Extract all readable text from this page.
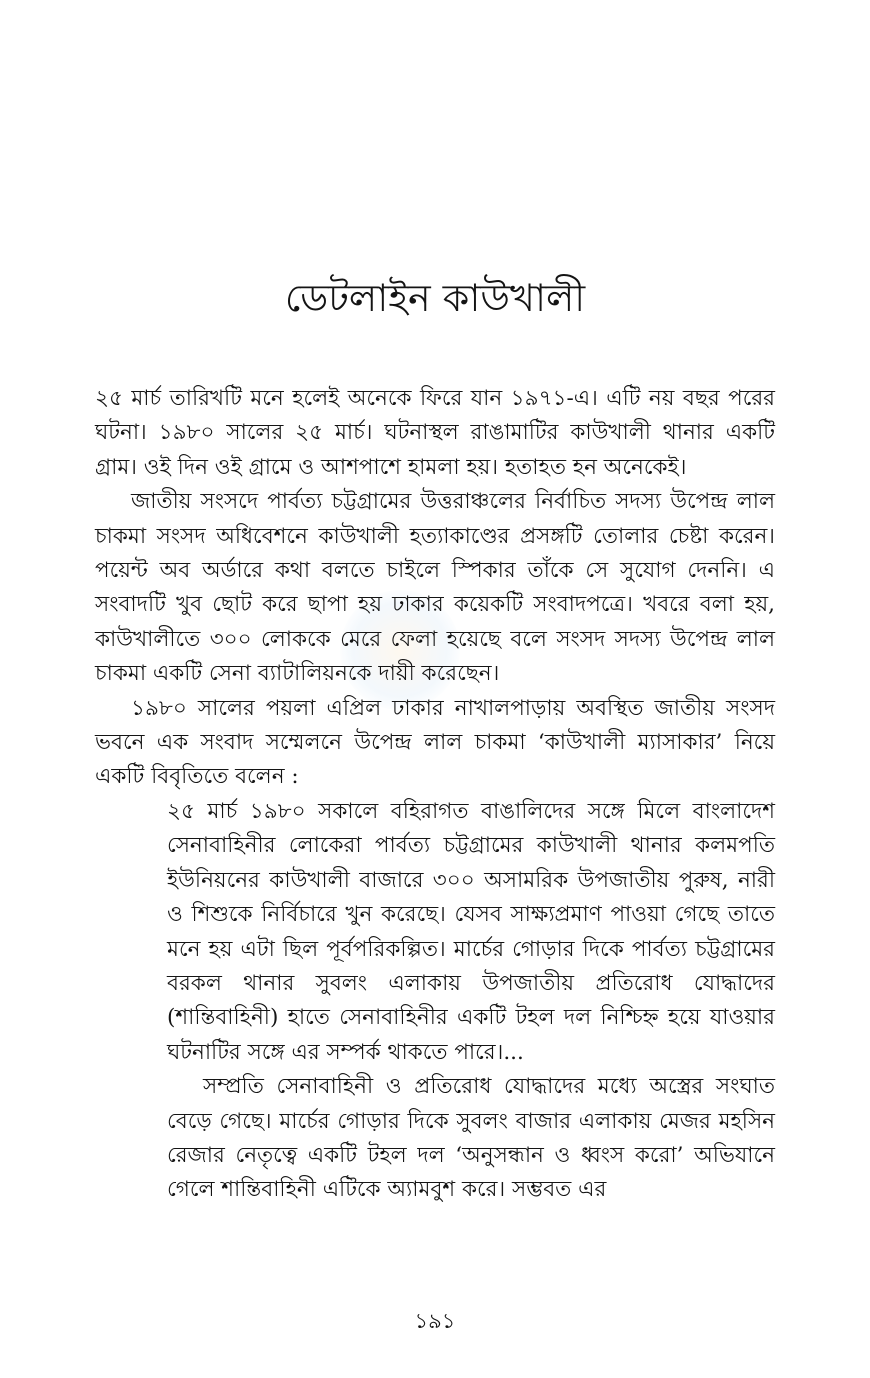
ডেটলাইন কাউখালী

২৫ মার্চ তারিখটি মনে হলেই অনেকে ফিরে যান ১৯৭১-এ। এটি নয় বছর পরের ঘটনা। ১৯৮০ সালের ২৫ মার্চ। ঘটনাস্থল রাঙামাটির কাউখালী থানার একটি গ্রাম। ওই দিন ওই গ্রামে ও আশপাশে হামলা হয়। হতাহত হন অনেকেই।

জাতীয় সংসদে পার্বত্য চট্টগ্রামের উত্তরাঞ্চলের নির্বাচিত সদস্য উপেন্দ্র লাল চাকমা সংসদ অধিবেশনে কাউখালী হত্যাকাণ্ডের প্রসঙ্গটি তোলার চেষ্টা করেন। পয়েন্ট অব অর্ডারে কথা বলতে চাইলে স্পিকার তাঁকে সে সুযোগ দেননি। এ সংবাদটি খুব ছোট করে ছাপা হয় ঢাকার কয়েকটি সংবাদপত্রে। খবরে বলা হয়, কাউখালীতে ৩০০ লোককে মেরে ফেলা হয়েছে বলে সংসদ সদস্য উপেন্দ্র লাল চাকমা একটি সেনা ব্যাটালিয়নকে দায়ী করেছেন।

১৯৮০ সালের পয়লা এপ্রিল ঢাকার নাখালপাড়ায় অবস্থিত জাতীয় সংসদ ভবনে এক সংবাদ সম্মেলনে উপেন্দ্র লাল চাকমা ‘কাউখালী ম্যাসাকার’ নিয়ে একটি বিবৃতিতে বলেন :

২৫ মার্চ ১৯৮০ সকালে বহিরাগত বাঙালিদের সঙ্গে মিলে বাংলাদেশ সেনাবাহিনীর লোকেরা পার্বত্য চট্টগ্রামের কাউখালী থানার কলমপতি ইউনিয়নের কাউখালী বাজারে ৩০০ অসামরিক উপজাতীয় পুরুষ, নারী ও শিশুকে নির্বিচারে খুন করেছে। যেসব সাক্ষ্যপ্রমাণ পাওয়া গেছে তাতে মনে হয় এটা ছিল পূর্বপরিকল্পিত। মার্চের গোড়ার দিকে পার্বত্য চট্টগ্রামের বরকল থানার সুবলং এলাকায় উপজাতীয় প্রতিরোধ যোদ্ধাদের (শান্তিবাহিনী) হাতে সেনাবাহিনীর একটি টহল দল নিশ্চিহ্ন হয়ে যাওয়ার ঘটনাটির সঙ্গে এর সম্পর্ক থাকতে পারে।...

সম্প্রতি সেনাবাহিনী ও প্রতিরোধ যোদ্ধাদের মধ্যে অস্ত্রের সংঘাত বেড়ে গেছে। মার্চের গোড়ার দিকে সুবলং বাজার এলাকায় মেজর মহসিন রেজার নেতৃত্বে একটি টহল দল ‘অনুসন্ধান ও ধ্বংস করো’ অভিযানে গেলে শান্তিবাহিনী এটিকে অ্যামবুশ করে। সম্ভবত এর

১৯১
